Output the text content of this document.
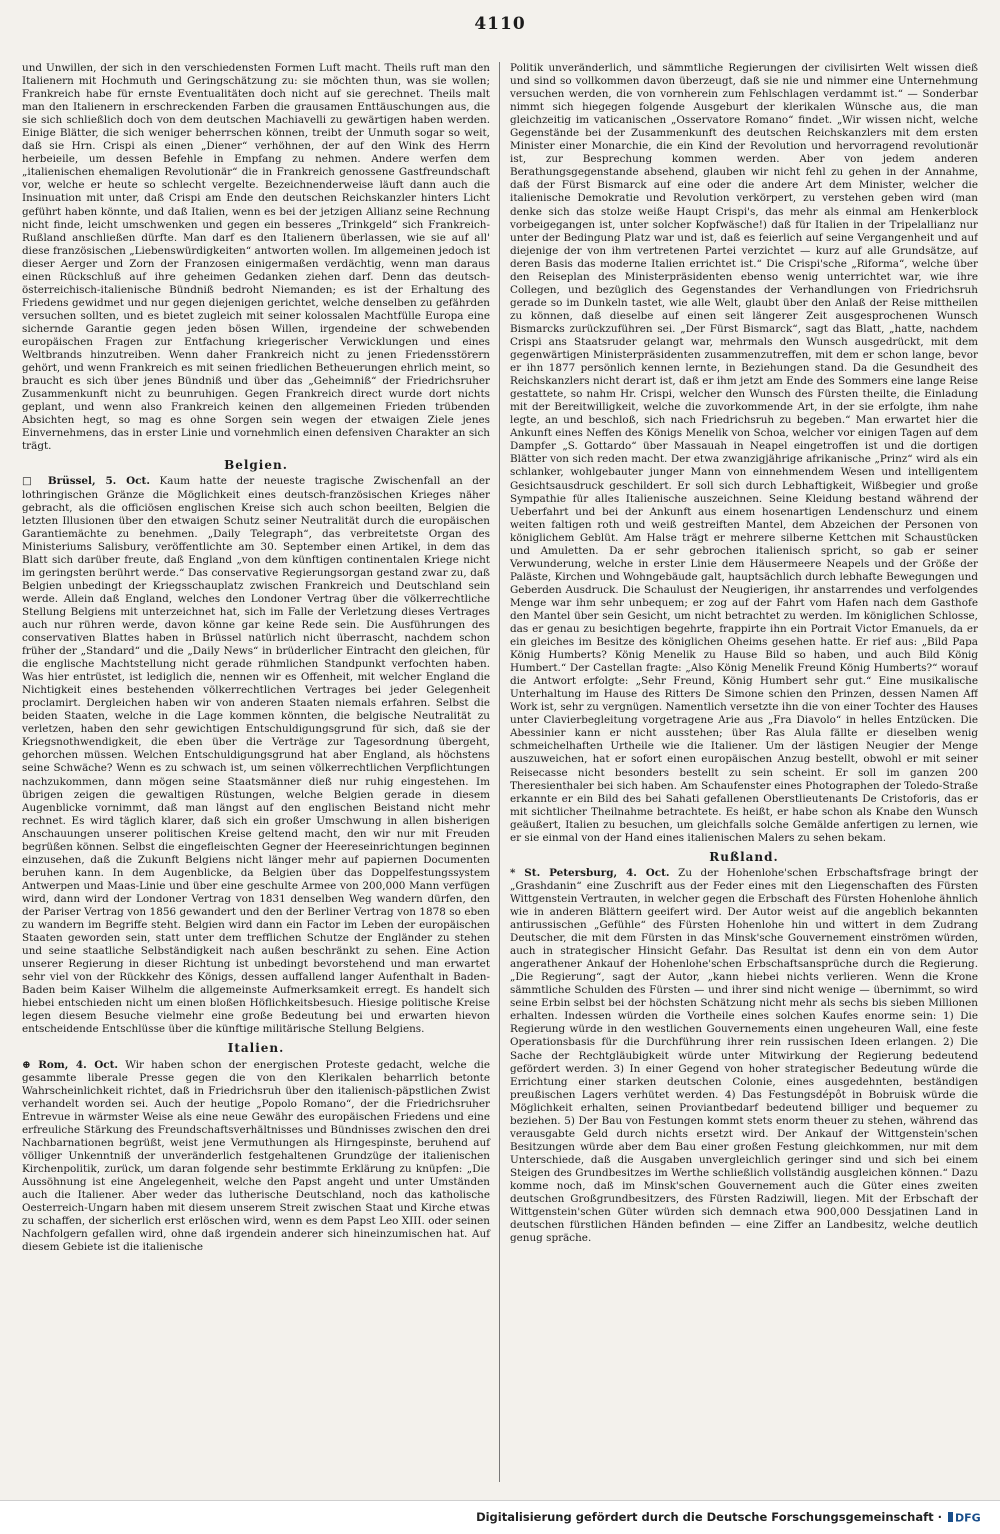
4110

und Unwillen, der sich in den verschiedensten Formen Luft macht. Theils ruft man den Italienern mit Hochmuth und Geringschätzung zu: sie möchten thun, was sie wollen; Frankreich habe für ernste Eventualitäten doch nicht auf sie gerechnet. Theils malt man den Italienern in erschreckenden Farben die grausamen Enttäuschungen aus, die sie sich schließlich doch von dem deutschen Machiavelli zu gewärtigen haben werden. Einige Blätter, die sich weniger beherrschen können, treibt der Unmuth sogar so weit, daß sie Hrn. Crispi als einen „Diener“ verhöhnen, der auf den Wink des Herrn herbeieile, um dessen Befehle in Empfang zu nehmen. Andere werfen dem „italienischen ehemaligen Revolutionär“ die in Frankreich genossene Gastfreundschaft vor, welche er heute so schlecht vergelte. Bezeichnenderweise läuft dann auch die Insinuation mit unter, daß Crispi am Ende den deutschen Reichskanzler hinters Licht geführt haben könnte, und daß Italien, wenn es bei der jetzigen Allianz seine Rechnung nicht finde, leicht umschwenken und gegen ein besseres „Trinkgeld“ sich Frankreich-Rußland anschließen dürfte. Man darf es den Italienern überlassen, wie sie auf all' diese französischen „Liebenswürdigkeiten“ antworten wollen. Im allgemeinen jedoch ist dieser Aerger und Zorn der Franzosen einigermaßen verdächtig, wenn man daraus einen Rückschluß auf ihre geheimen Gedanken ziehen darf. Denn das deutsch-österreichisch-italienische Bündniß bedroht Niemanden; es ist der Erhaltung des Friedens gewidmet und nur gegen diejenigen gerichtet, welche denselben zu gefährden versuchen sollten, und es bietet zugleich mit seiner kolossalen Machtfülle Europa eine sichernde Garantie gegen jeden bösen Willen, irgendeine der schwebenden europäischen Fragen zur Entfachung kriegerischer Verwicklungen und eines Weltbrands hinzutreiben. Wenn daher Frankreich nicht zu jenen Friedensstörern gehört, und wenn Frankreich es mit seinen friedlichen Betheuerungen ehrlich meint, so braucht es sich über jenes Bündniß und über das „Geheimniß“ der Friedrichsruher Zusammenkunft nicht zu beunruhigen. Gegen Frankreich direct wurde dort nichts geplant, und wenn also Frankreich keinen den allgemeinen Frieden trübenden Absichten hegt, so mag es ohne Sorgen sein wegen der etwaigen Ziele jenes Einvernehmens, das in erster Linie und vornehmlich einen defensiven Charakter an sich trägt.

Belgien.

□ Brüssel, 5. Oct. Kaum hatte der neueste tragische Zwischenfall an der lothringischen Gränze die Möglichkeit eines deutsch-französischen Krieges näher gebracht, als die officiösen englischen Kreise sich auch schon beeilten, Belgien die letzten Illusionen über den etwaigen Schutz seiner Neutralität durch die europäischen Garantiemächte zu benehmen. „Daily Telegraph“, das verbreitetste Organ des Ministeriums Salisbury, veröffentlichte am 30. September einen Artikel, in dem das Blatt sich darüber freute, daß England „von dem künftigen continentalen Kriege nicht im geringsten berührt werde.“ Das conservative Regierungsorgan gestand zwar zu, daß Belgien unbedingt der Kriegsschauplatz zwischen Frankreich und Deutschland sein werde. Allein daß England, welches den Londoner Vertrag über die völkerrechtliche Stellung Belgiens mit unterzeichnet hat, sich im Falle der Verletzung dieses Vertrages auch nur rühren werde, davon könne gar keine Rede sein. Die Ausführungen des conservativen Blattes haben in Brüssel natürlich nicht überrascht, nachdem schon früher der „Standard“ und die „Daily News“ in brüderlicher Eintracht den gleichen, für die englische Machtstellung nicht gerade rühmlichen Standpunkt verfochten haben. Was hier entrüstet, ist lediglich die, nennen wir es Offenheit, mit welcher England die Nichtigkeit eines bestehenden völkerrechtlichen Vertrages bei jeder Gelegenheit proclamirt. Dergleichen haben wir von anderen Staaten niemals erfahren. Selbst die beiden Staaten, welche in die Lage kommen könnten, die belgische Neutralität zu verletzen, haben den sehr gewichtigen Entschuldigungsgrund für sich, daß sie der Kriegsnothwendigkeit, die eben über die Verträge zur Tagesordnung übergeht, gehorchen müssen. Welchen Entschuldigungsgrund hat aber England, als höchstens seine Schwäche? Wenn es zu schwach ist, um seinen völkerrechtlichen Verpflichtungen nachzukommen, dann mögen seine Staatsmänner dieß nur ruhig eingestehen. Im übrigen zeigen die gewaltigen Rüstungen, welche Belgien gerade in diesem Augenblicke vornimmt, daß man längst auf den englischen Beistand nicht mehr rechnet. Es wird täglich klarer, daß sich ein großer Umschwung in allen bisherigen Anschauungen unserer politischen Kreise geltend macht, den wir nur mit Freuden begrüßen können. Selbst die eingefleischten Gegner der Heereseinrichtungen beginnen einzusehen, daß die Zukunft Belgiens nicht länger mehr auf papiernen Documenten beruhen kann. In dem Augenblicke, da Belgien über das Doppelfestungssystem Antwerpen und Maas-Linie und über eine geschulte Armee von 200,000 Mann verfügen wird, dann wird der Londoner Vertrag von 1831 denselben Weg wandern dürfen, den der Pariser Vertrag von 1856 gewandert und den der Berliner Vertrag von 1878 so eben zu wandern im Begriffe steht. Belgien wird dann ein Factor im Leben der europäischen Staaten geworden sein, statt unter dem trefflichen Schutze der Engländer zu stehen und seine staatliche Selbständigkeit nach außen beschränkt zu sehen. Eine Action unserer Regierung in dieser Richtung ist unbedingt bevorstehend und man erwartet sehr viel von der Rückkehr des Königs, dessen auffallend langer Aufenthalt in Baden-Baden beim Kaiser Wilhelm die allgemeinste Aufmerksamkeit erregt. Es handelt sich hiebei entschieden nicht um einen bloßen Höflichkeitsbesuch. Hiesige politische Kreise legen diesem Besuche vielmehr eine große Bedeutung bei und erwarten hievon entscheidende Entschlüsse über die künftige militärische Stellung Belgiens.

Italien.

⊕ Rom, 4. Oct. Wir haben schon der energischen Proteste gedacht, welche die gesammte liberale Presse gegen die von den Klerikalen beharrlich betonte Wahrscheinlichkeit richtet, daß in Friedrichsruh über den italienisch-päpstlichen Zwist verhandelt worden sei. Auch der heutige „Popolo Romano“, der die Friedrichsruher Entrevue in wärmster Weise als eine neue Gewähr des europäischen Friedens und eine erfreuliche Stärkung des Freundschaftsverhältnisses und Bündnisses zwischen den drei Nachbarnationen begrüßt, weist jene Vermuthungen als Hirngespinste, beruhend auf völliger Unkenntniß der unveränderlich festgehaltenen Grundzüge der italienischen Kirchenpolitik, zurück, um daran folgende sehr bestimmte Erklärung zu knüpfen: „Die Aussöhnung ist eine Angelegenheit, welche den Papst angeht und unter Umständen auch die Italiener. Aber weder das lutherische Deutschland, noch das katholische Oesterreich-Ungarn haben mit diesem unserem Streit zwischen Staat und Kirche etwas zu schaffen, der sicherlich erst erlöschen wird, wenn es dem Papst Leo XIII. oder seinen Nachfolgern gefallen wird, ohne daß irgendein anderer sich hineinzumischen hat. Auf diesem Gebiete ist die italienische

Politik unveränderlich, und sämmtliche Regierungen der civilisirten Welt wissen dieß und sind so vollkommen davon überzeugt, daß sie nie und nimmer eine Unternehmung versuchen werden, die von vornherein zum Fehlschlagen verdammt ist.“ — Sonderbar nimmt sich hiegegen folgende Ausgeburt der klerikalen Wünsche aus, die man gleichzeitig im vaticanischen „Osservatore Romano“ findet. „Wir wissen nicht, welche Gegenstände bei der Zusammenkunft des deutschen Reichskanzlers mit dem ersten Minister einer Monarchie, die ein Kind der Revolution und hervorragend revolutionär ist, zur Besprechung kommen werden. Aber von jedem anderen Berathungsgegenstande absehend, glauben wir nicht fehl zu gehen in der Annahme, daß der Fürst Bismarck auf eine oder die andere Art dem Minister, welcher die italienische Demokratie und Revolution verkörpert, zu verstehen geben wird (man denke sich das stolze weiße Haupt Crispi's, das mehr als einmal am Henkerblock vorbeigegangen ist, unter solcher Kopfwäsche!) daß für Italien in der Tripelallianz nur unter der Bedingung Platz war und ist, daß es feierlich auf seine Vergangenheit und auf diejenige der von ihm vertretenen Partei verzichtet — kurz auf alle Grundsätze, auf deren Basis das moderne Italien errichtet ist.“ Die Crispi'sche „Riforma“, welche über den Reiseplan des Ministerpräsidenten ebenso wenig unterrichtet war, wie ihre Collegen, und bezüglich des Gegenstandes der Verhandlungen von Friedrichsruh gerade so im Dunkeln tastet, wie alle Welt, glaubt über den Anlaß der Reise mittheilen zu können, daß dieselbe auf einen seit längerer Zeit ausgesprochenen Wunsch Bismarcks zurückzuführen sei. „Der Fürst Bismarck“, sagt das Blatt, „hatte, nachdem Crispi ans Staatsruder gelangt war, mehrmals den Wunsch ausgedrückt, mit dem gegenwärtigen Ministerpräsidenten zusammenzutreffen, mit dem er schon lange, bevor er ihn 1877 persönlich kennen lernte, in Beziehungen stand. Da die Gesundheit des Reichskanzlers nicht derart ist, daß er ihm jetzt am Ende des Sommers eine lange Reise gestattete, so nahm Hr. Crispi, welcher den Wunsch des Fürsten theilte, die Einladung mit der Bereitwilligkeit, welche die zuvorkommende Art, in der sie erfolgte, ihm nahe legte, an und beschloß, sich nach Friedrichsruh zu begeben.“ Man erwartet hier die Ankunft eines Neffen des Königs Menelik von Schoa, welcher vor einigen Tagen auf dem Dampfer „S. Gottardo“ über Massauah in Neapel eingetroffen ist und die dortigen Blätter von sich reden macht. Der etwa zwanzigjährige afrikanische „Prinz“ wird als ein schlanker, wohlgebauter junger Mann von einnehmendem Wesen und intelligentem Gesichtsausdruck geschildert. Er soll sich durch Lebhaftigkeit, Wißbegier und große Sympathie für alles Italienische auszeichnen. Seine Kleidung bestand während der Ueberfahrt und bei der Ankunft aus einem hosenartigen Lendenschurz und einem weiten faltigen roth und weiß gestreiften Mantel, dem Abzeichen der Personen von königlichem Geblüt. Am Halse trägt er mehrere silberne Kettchen mit Schaustücken und Amuletten. Da er sehr gebrochen italienisch spricht, so gab er seiner Verwunderung, welche in erster Linie dem Häusermeere Neapels und der Größe der Paläste, Kirchen und Wohngebäude galt, hauptsächlich durch lebhafte Bewegungen und Geberden Ausdruck. Die Schaulust der Neugierigen, ihr anstarrendes und verfolgendes Menge war ihm sehr unbequem; er zog auf der Fahrt vom Hafen nach dem Gasthofe den Mantel über sein Gesicht, um nicht betrachtet zu werden. Im königlichen Schlosse, das er genau zu besichtigen begehrte, frappirte ihn ein Portrait Victor Emanuels, da er ein gleiches im Besitze des königlichen Oheims gesehen hatte. Er rief aus: „Bild Papa König Humberts? König Menelik zu Hause Bild so haben, und auch Bild König Humbert.“ Der Castellan fragte: „Also König Menelik Freund König Humberts?“ worauf die Antwort erfolgte: „Sehr Freund, König Humbert sehr gut.“ Eine musikalische Unterhaltung im Hause des Ritters De Simone schien den Prinzen, dessen Namen Aff Work ist, sehr zu vergnügen. Namentlich versetzte ihn die von einer Tochter des Hauses unter Clavierbegleitung vorgetragene Arie aus „Fra Diavolo“ in helles Entzücken. Die Abessinier kann er nicht ausstehen; über Ras Alula fällte er dieselben wenig schmeichelhaften Urtheile wie die Italiener. Um der lästigen Neugier der Menge auszuweichen, hat er sofort einen europäischen Anzug bestellt, obwohl er mit seiner Reisecasse nicht besonders bestellt zu sein scheint. Er soll im ganzen 200 Theresienthaler bei sich haben. Am Schaufenster eines Photographen der Toledo-Straße erkannte er ein Bild des bei Sahati gefallenen Oberstlieutenants De Cristoforis, das er mit sichtlicher Theilnahme betrachtete. Es heißt, er habe schon als Knabe den Wunsch geäußert, Italien zu besuchen, um gleichfalls solche Gemälde anfertigen zu lernen, wie er sie einmal von der Hand eines italienischen Malers zu sehen bekam.

Rußland.

* St. Petersburg, 4. Oct. Zu der Hohenlohe'schen Erbschaftsfrage bringt der „Grashdanin“ eine Zuschrift aus der Feder eines mit den Liegenschaften des Fürsten Wittgenstein Vertrauten, in welcher gegen die Erbschaft des Fürsten Hohenlohe ähnlich wie in anderen Blättern geeifert wird. Der Autor weist auf die angeblich bekannten antirussischen „Gefühle“ des Fürsten Hohenlohe hin und wittert in dem Zudrang Deutscher, die mit dem Fürsten in das Minsk'sche Gouvernement einströmen würden, auch in strategischer Hinsicht Gefahr. Das Resultat ist denn ein von dem Autor angerathener Ankauf der Hohenlohe'schen Erbschaftsansprüche durch die Regierung. „Die Regierung“, sagt der Autor, „kann hiebei nichts verlieren. Wenn die Krone sämmtliche Schulden des Fürsten — und ihrer sind nicht wenige — übernimmt, so wird seine Erbin selbst bei der höchsten Schätzung nicht mehr als sechs bis sieben Millionen erhalten. Indessen würden die Vortheile eines solchen Kaufes enorme sein: 1) Die Regierung würde in den westlichen Gouvernements einen ungeheuren Wall, eine feste Operationsbasis für die Durchführung ihrer rein russischen Ideen erlangen. 2) Die Sache der Rechtgläubigkeit würde unter Mitwirkung der Regierung bedeutend gefördert werden. 3) In einer Gegend von hoher strategischer Bedeutung würde die Errichtung einer starken deutschen Colonie, eines ausgedehnten, beständigen preußischen Lagers verhütet werden. 4) Das Festungsdépôt in Bobruisk würde die Möglichkeit erhalten, seinen Proviantbedarf bedeutend billiger und bequemer zu beziehen. 5) Der Bau von Festungen kommt stets enorm theuer zu stehen, während das verausgabte Geld durch nichts ersetzt wird. Der Ankauf der Wittgenstein'schen Besitzungen würde aber dem Bau einer großen Festung gleichkommen, nur mit dem Unterschiede, daß die Ausgaben unvergleichlich geringer sind und sich bei einem Steigen des Grundbesitzes im Werthe schließlich vollständig ausgleichen können.“ Dazu komme noch, daß im Minsk'schen Gouvernement auch die Güter eines zweiten deutschen Großgrundbesitzers, des Fürsten Radziwill, liegen. Mit der Erbschaft der Wittgenstein'schen Güter würden sich demnach etwa 900,000 Dessjatinen Land in deutschen fürstlichen Händen befinden — eine Ziffer an Landbesitz, welche deutlich genug spräche.

Digitalisierung gefördert durch die Deutsche Forschungsgemeinschaft · DFG
